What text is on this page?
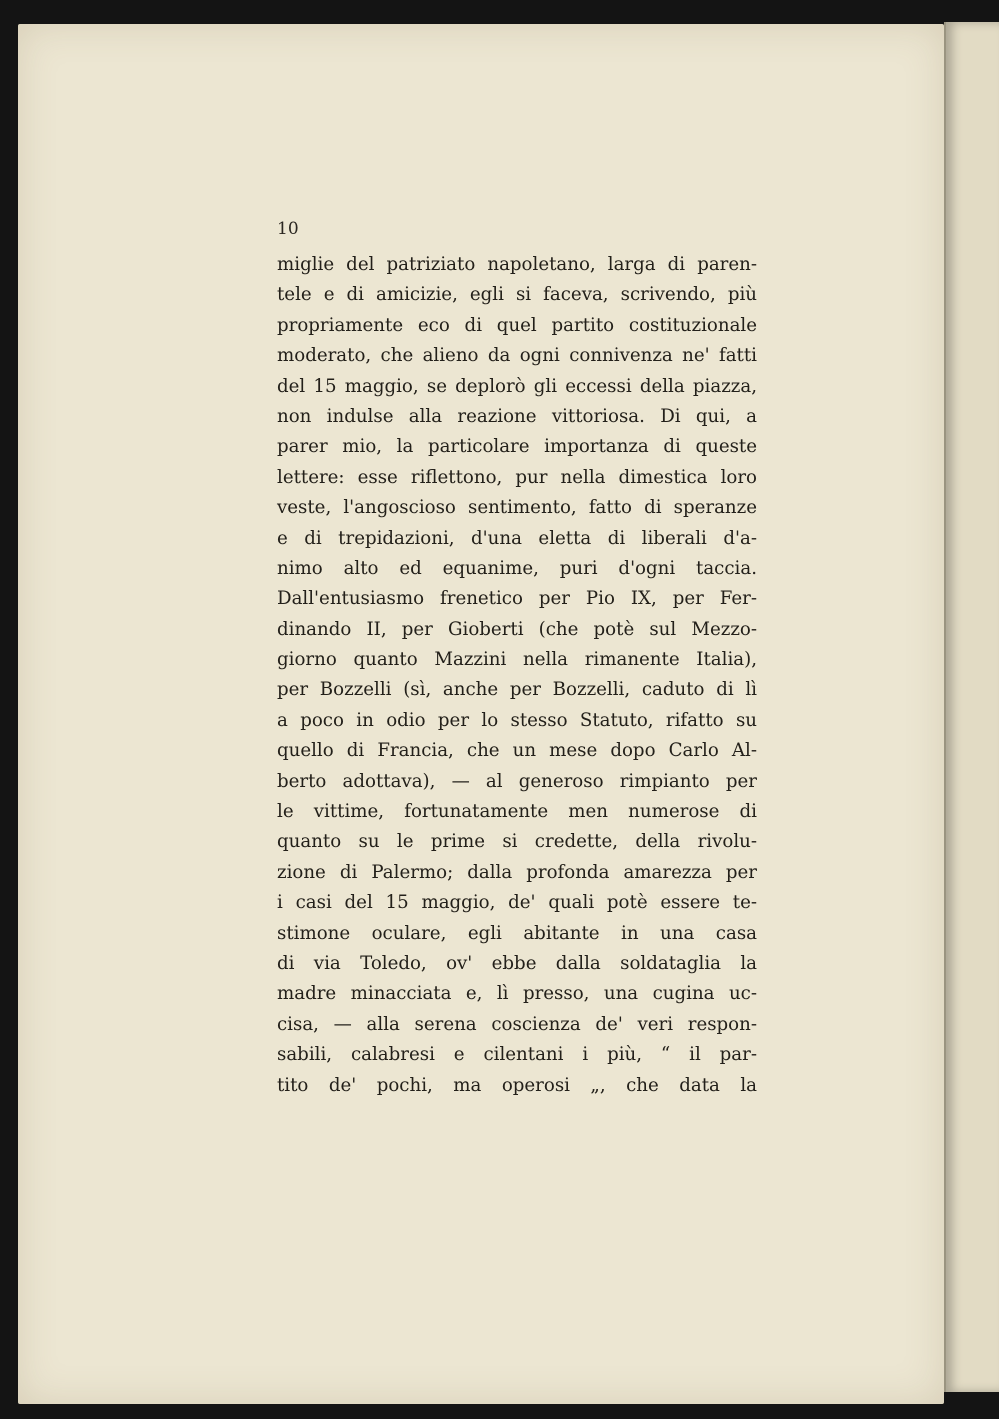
10
miglie del patriziato napoletano, larga di paren-
tele e di amicizie, egli si faceva, scrivendo, più
propriamente eco di quel partito costituzionale
moderato, che alieno da ogni connivenza ne' fatti
del 15 maggio, se deplorò gli eccessi della piazza,
non indulse alla reazione vittoriosa. Di qui, a
parer mio, la particolare importanza di queste
lettere: esse riflettono, pur nella dimestica loro
veste, l'angoscioso sentimento, fatto di speranze
e di trepidazioni, d'una eletta di liberali d'a-
nimo alto ed equanime, puri d'ogni taccia.
Dall'entusiasmo frenetico per Pio IX, per Fer-
dinando II, per Gioberti (che potè sul Mezzo-
giorno quanto Mazzini nella rimanente Italia),
per Bozzelli (sì, anche per Bozzelli, caduto di lì
a poco in odio per lo stesso Statuto, rifatto su
quello di Francia, che un mese dopo Carlo Al-
berto adottava), — al generoso rimpianto per
le vittime, fortunatamente men numerose di
quanto su le prime si credette, della rivolu-
zione di Palermo; dalla profonda amarezza per
i casi del 15 maggio, de' quali potè essere te-
stimone oculare, egli abitante in una casa
di via Toledo, ov' ebbe dalla soldataglia la
madre minacciata e, lì presso, una cugina uc-
cisa, — alla serena coscienza de' veri respon-
sabili, calabresi e cilentani i più, “ il par-
tito de' pochi, ma operosi „, che data la
